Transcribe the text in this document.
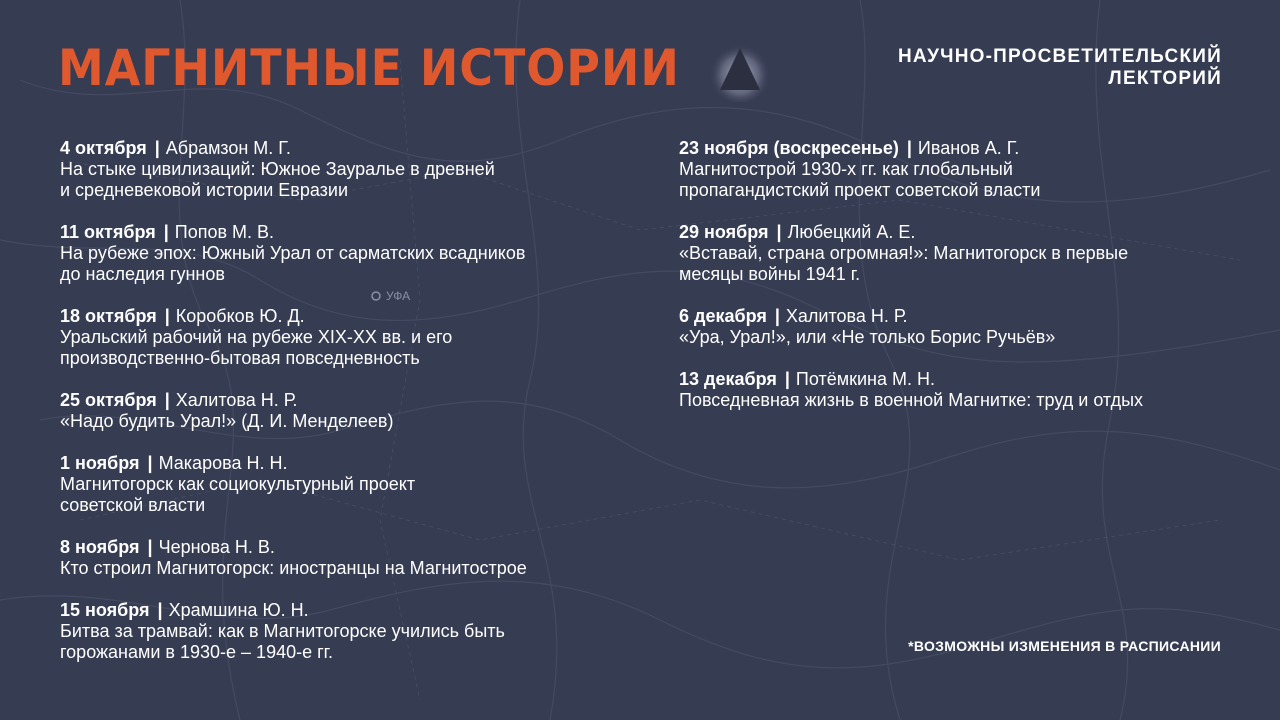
УФА
МАГНИТНЫЕ ИСТОРИИ	НАУЧНО-ПРОСВЕТИТЕЛЬСКИЙ
ЛЕКТОРИЙ
4 октября | Абрамзон М. Г.
На стыке цивилизаций: Южное Зауралье в древней
и средневековой истории Евразии
11 октября | Попов М. В.
На рубеже эпох: Южный Урал от сарматских всадников
до наследия гуннов
18 октября | Коробков Ю. Д.
Уральский рабочий на рубеже XIX-XX вв. и его
производственно-бытовая повседневность
25 октября | Халитова Н. Р.
«Надо будить Урал!» (Д. И. Менделеев)
1 ноября | Макарова Н. Н.
Магнитогорск как социокультурный проект
советской власти
8 ноября | Чернова Н. В.
Кто строил Магнитогорск: иностранцы на Магнитострое
15 ноября | Храмшина Ю. Н.
Битва за трамвай: как в Магнитогорске учились быть
горожанами в 1930-е – 1940-е гг.
23 ноября (воскресенье) | Иванов А. Г.
Магнитострой 1930-х гг. как глобальный
пропагандистский проект советской власти
29 ноября | Любецкий А. Е.
«Вставай, страна огромная!»: Магнитогорск в первые
месяцы войны 1941 г.
6 декабря | Халитова Н. Р.
«Ура, Урал!», или «Не только Борис Ручьёв»
13 декабря | Потёмкина М. Н.
Повседневная жизнь в военной Магнитке: труд и отдых
*ВОЗМОЖНЫ ИЗМЕНЕНИЯ В РАСПИСАНИИ
